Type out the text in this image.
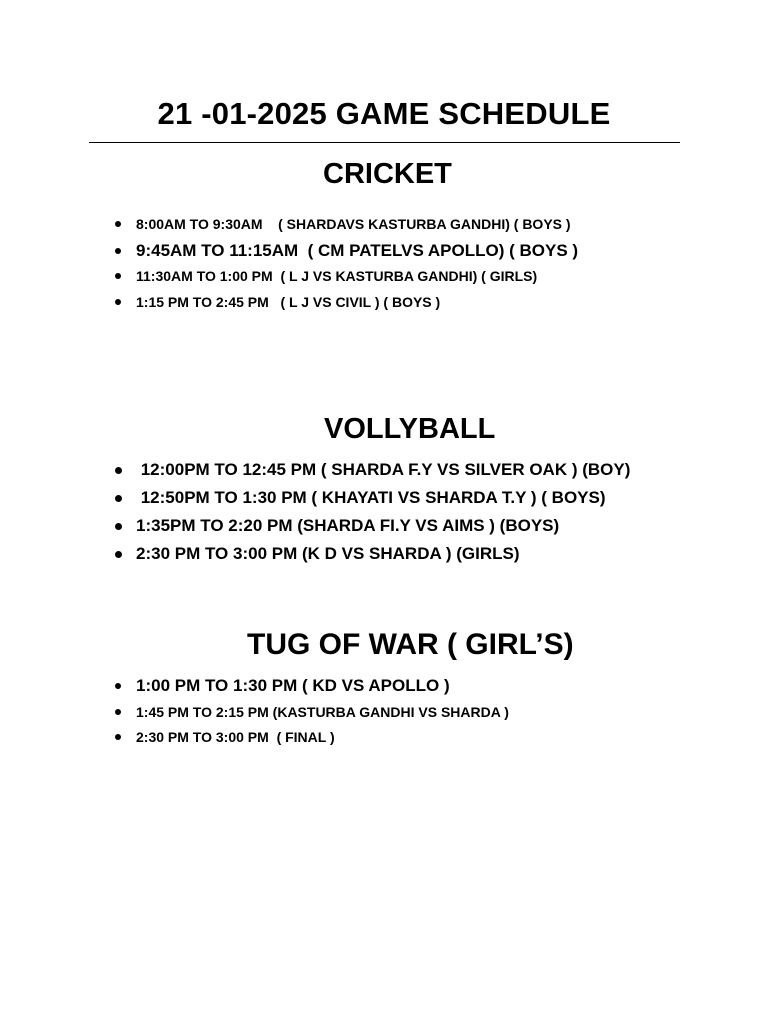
21 -01-2025 GAME SCHEDULE
CRICKET
8:00AM TO 9:30AM    ( SHARDAVS KASTURBA GANDHI) ( BOYS )
9:45AM TO 11:15AM  ( CM PATELVS APOLLO) ( BOYS )
11:30AM TO 1:00 PM  ( L J VS KASTURBA GANDHI) ( GIRLS)
1:15 PM TO 2:45 PM   ( L J VS CIVIL ) ( BOYS )
VOLLYBALL
12:00PM TO 12:45 PM ( SHARDA F.Y VS SILVER OAK ) (BOY)
12:50PM TO 1:30 PM ( KHAYATI VS SHARDA T.Y ) ( BOYS)
1:35PM TO 2:20 PM (SHARDA FI.Y VS AIMS ) (BOYS)
2:30 PM TO 3:00 PM (K D VS SHARDA ) (GIRLS)
TUG OF WAR ( GIRL’S)
1:00 PM TO 1:30 PM ( KD VS APOLLO )
1:45 PM TO 2:15 PM (KASTURBA GANDHI VS SHARDA )
2:30 PM TO 3:00 PM  ( FINAL )
